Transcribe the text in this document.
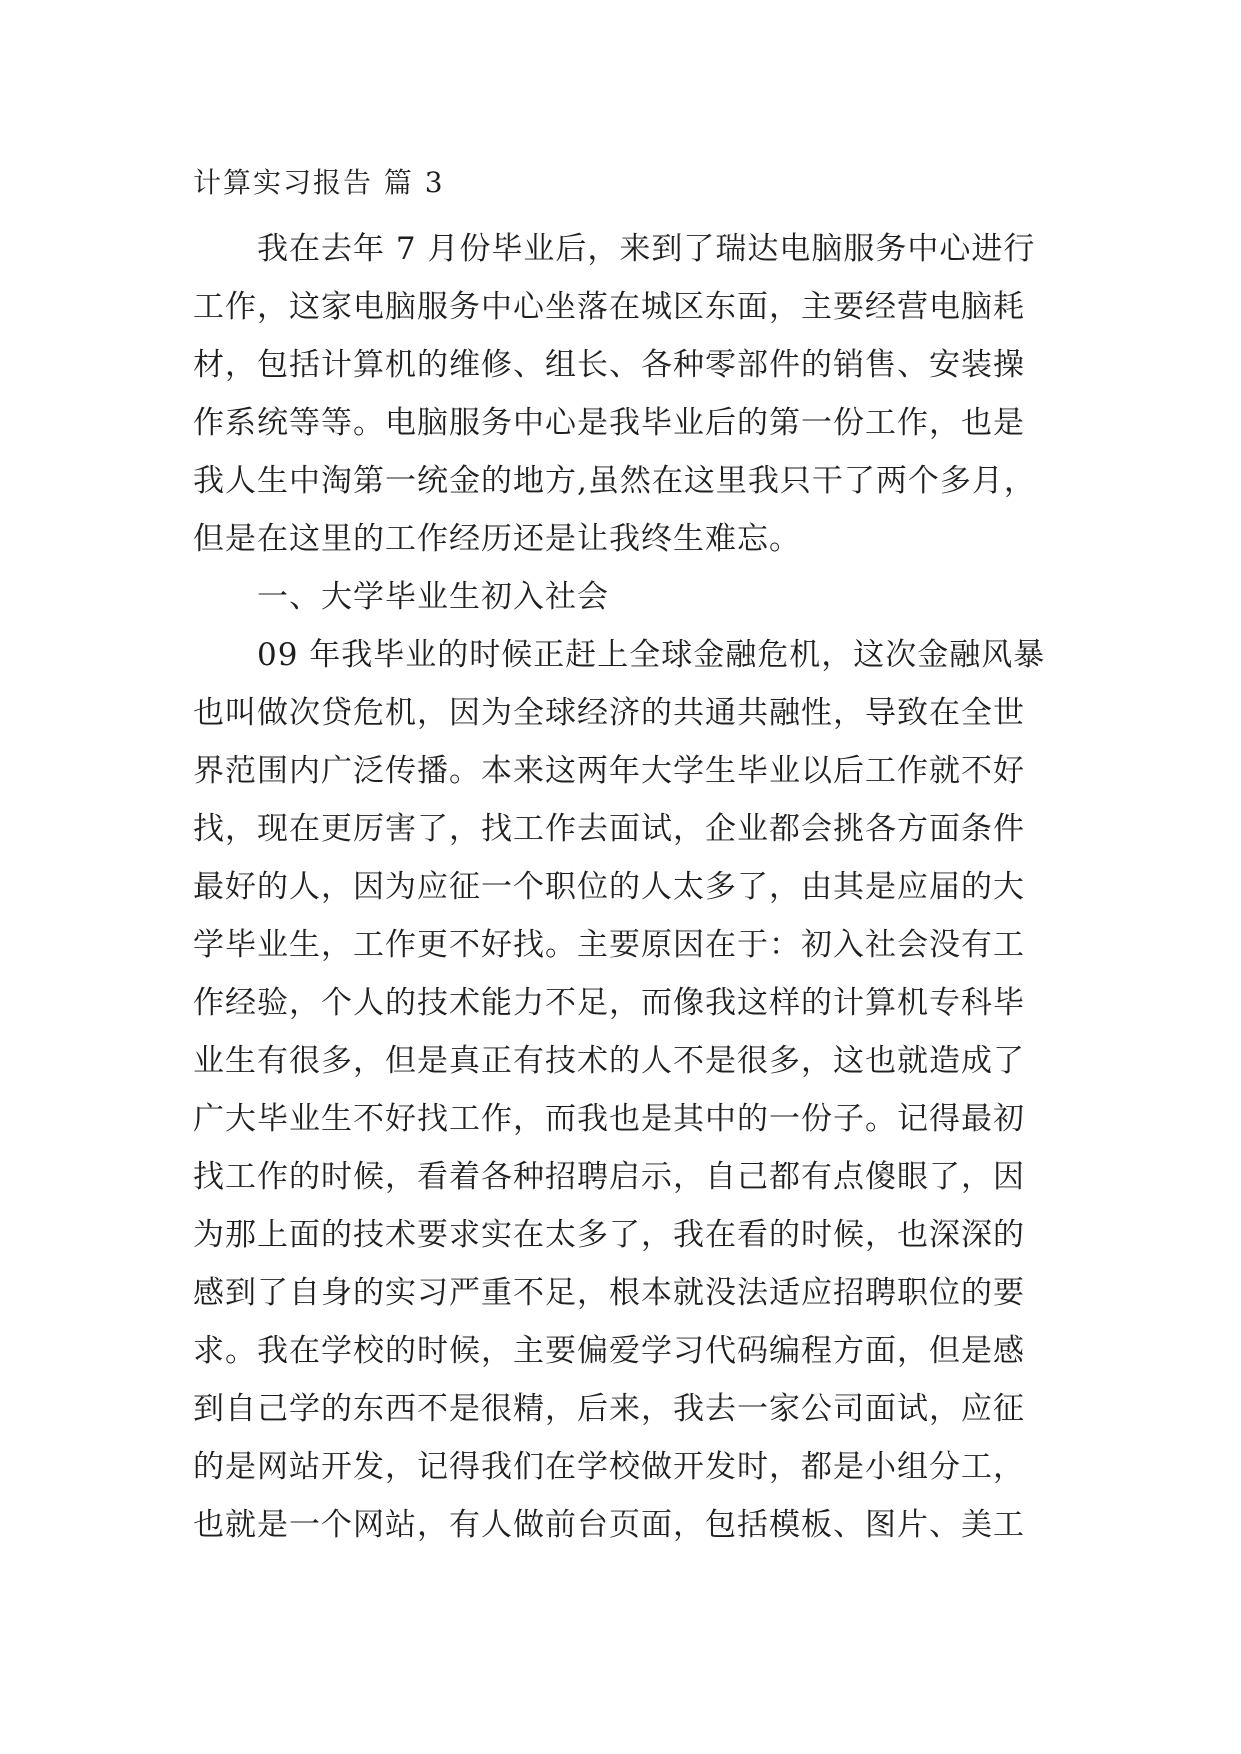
计算实习报告 篇 3
我在去年 7 月份毕业后，来到了瑞达电脑服务中心进行
工作，这家电脑服务中心坐落在城区东面，主要经营电脑耗
材，包括计算机的维修、组长、各种零部件的销售、安装操
作系统等等。电脑服务中心是我毕业后的第一份工作，也是
我人生中淘第一统金的地方,虽然在这里我只干了两个多月，
但是在这里的工作经历还是让我终生难忘。
一、大学毕业生初入社会
09 年我毕业的时候正赶上全球金融危机，这次金融风暴
也叫做次贷危机，因为全球经济的共通共融性，导致在全世
界范围内广泛传播。本来这两年大学生毕业以后工作就不好
找，现在更厉害了，找工作去面试，企业都会挑各方面条件
最好的人，因为应征一个职位的人太多了，由其是应届的大
学毕业生，工作更不好找。主要原因在于：初入社会没有工
作经验，个人的技术能力不足，而像我这样的计算机专科毕
业生有很多，但是真正有技术的人不是很多，这也就造成了
广大毕业生不好找工作，而我也是其中的一份子。记得最初
找工作的时候，看着各种招聘启示，自己都有点傻眼了，因
为那上面的技术要求实在太多了，我在看的时候，也深深的
感到了自身的实习严重不足，根本就没法适应招聘职位的要
求。我在学校的时候，主要偏爱学习代码编程方面，但是感
到自己学的东西不是很精，后来，我去一家公司面试，应征
的是网站开发，记得我们在学校做开发时，都是小组分工，
也就是一个网站，有人做前台页面，包括模板、图片、美工
